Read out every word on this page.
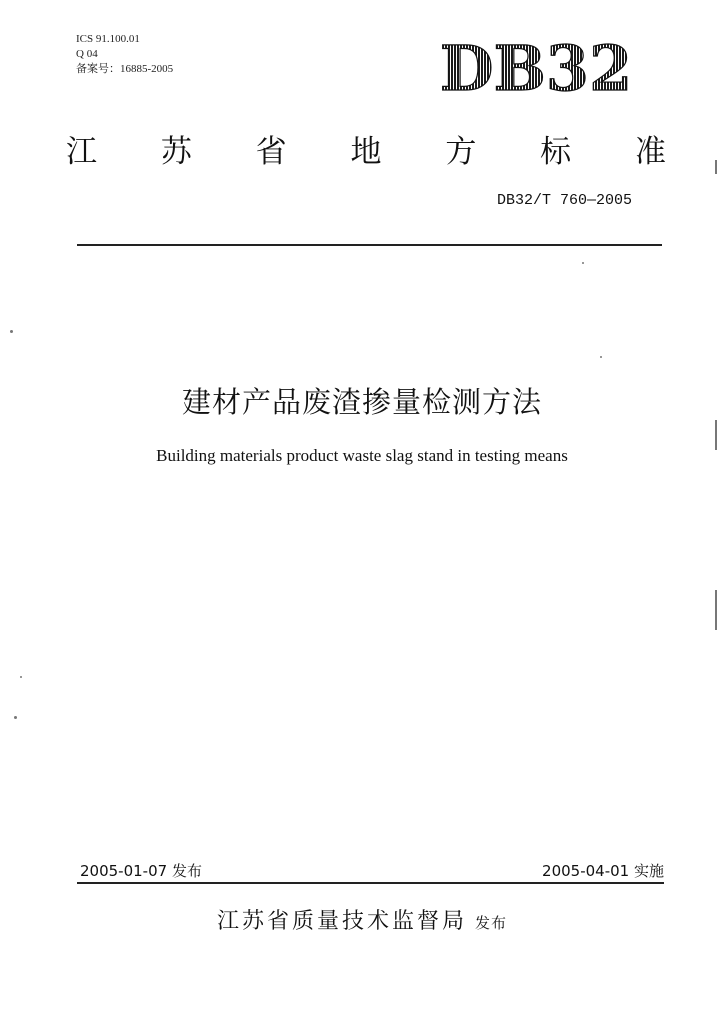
ICS 91.100.01
Q 04
备案号：16885-2005	DB32
江 苏 省 地 方 标 准
DB32/T 760—2005
建材产品废渣掺量检测方法
Building materials product waste slag stand in testing means
2005-01-07 发布	2005-04-01 实施
江苏省质量技术监督局 发布
